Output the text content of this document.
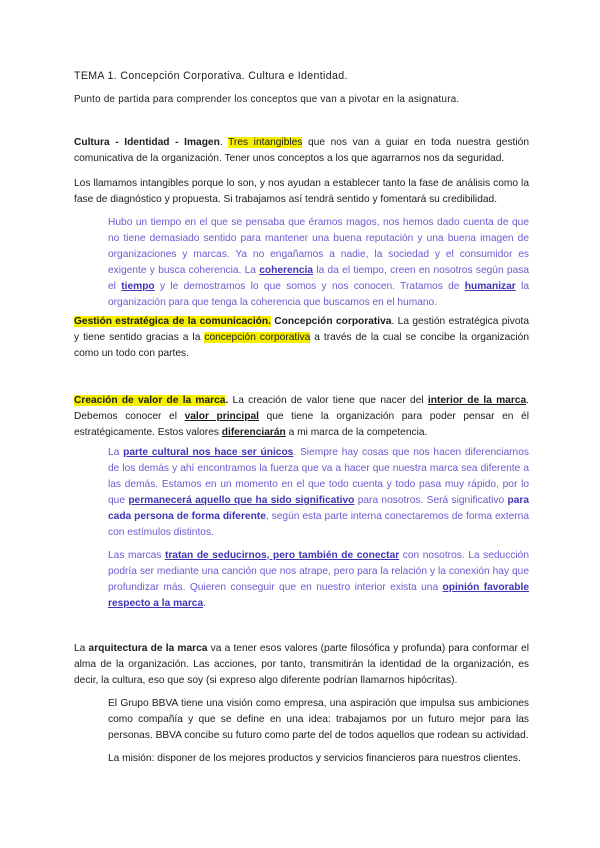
TEMA 1. Concepción Corporativa. Cultura e Identidad.
Punto de partida para comprender los conceptos que van a pivotar en la asignatura.

Cultura - Identidad - Imagen. Tres intangibles que nos van a guiar en toda nuestra gestión comunicativa de la organización. Tener unos conceptos a los que agarrarnos nos da seguridad.

Los llamamos intangibles porque lo son, y nos ayudan a establecer tanto la fase de análisis como la fase de diagnóstico y propuesta. Si trabajamos así tendrá sentido y fomentará su credibilidad.

Hubo un tiempo en el que se pensaba que éramos magos, nos hemos dado cuenta de que no tiene demasiado sentido para mantener una buena reputación y una buena imagen de organizaciones y marcas. Ya no engañamos a nadie, la sociedad y el consumidor es exigente y busca coherencia. La coherencia la da el tiempo, creen en nosotros según pasa el tiempo y le demostramos lo que somos y nos conocen. Tratamos de humanizar la organización para que tenga la coherencia que buscamos en el humano.

Gestión estratégica de la comunicación. Concepción corporativa. La gestión estratégica pivota y tiene sentido gracias a la concepción corporativa a través de la cual se concibe la organización como un todo con partes.

Creación de valor de la marca. La creación de valor tiene que nacer del interior de la marca. Debemos conocer el valor principal que tiene la organización para poder pensar en él estratégicamente. Estos valores diferenciarán a mi marca de la competencia.

La parte cultural nos hace ser únicos. Siempre hay cosas que nos hacen diferenciarnos de los demás y ahí encontramos la fuerza que va a hacer que nuestra marca sea diferente a las demás. Estamos en un momento en el que todo cuenta y todo pasa muy rápido, por lo que permanecerá aquello que ha sido significativo para nosotros. Será significativo para cada persona de forma diferente, según esta parte interna conectaremos de forma externa con estímulos distintos.

Las marcas tratan de seducirnos, pero también de conectar con nosotros. La seducción podría ser mediante una canción que nos atrape, pero para la relación y la conexión hay que profundizar más. Quieren conseguir que en nuestro interior exista una opinión favorable respecto a la marca.

La arquitectura de la marca va a tener esos valores (parte filosófica y profunda) para conformar el alma de la organización. Las acciones, por tanto, transmitirán la identidad de la organización, es decir, la cultura, eso que soy (si expreso algo diferente podrían llamarnos hipócritas).

El Grupo BBVA tiene una visión como empresa, una aspiración que impulsa sus ambiciones como compañía y que se define en una idea: trabajamos por un futuro mejor para las personas. BBVA concibe su futuro como parte del de todos aquellos que rodean su actividad.

La misión: disponer de los mejores productos y servicios financieros para nuestros clientes.
